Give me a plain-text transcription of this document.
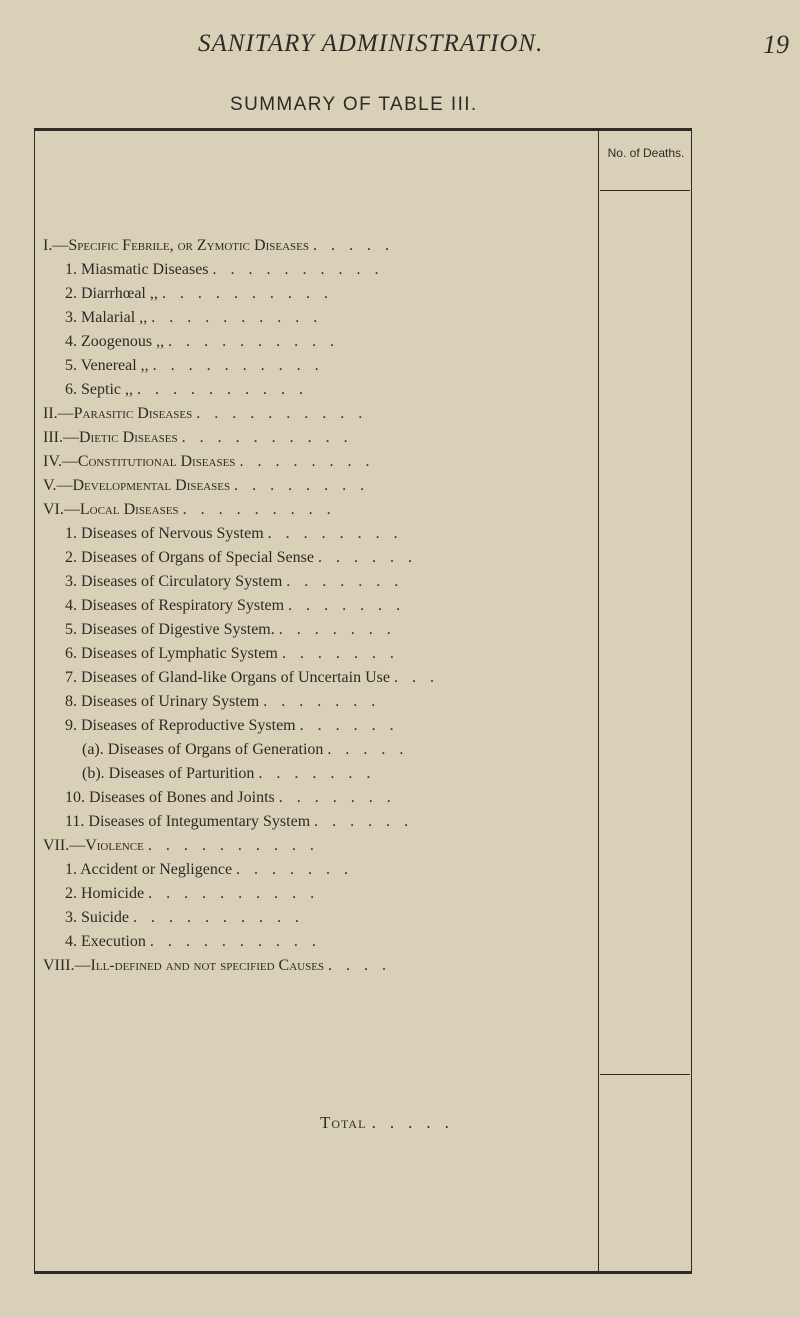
SANITARY ADMINISTRATION.	19
SUMMARY OF TABLE III.
No. of Deaths.
I.—Specific Febrile, or Zymotic Diseases .....
1. Miasmatic Diseases ..........
2. Diarrhœal ,, ..........
3. Malarial ,, ..........
4. Zoogenous ,, ..........
5. Venereal ,, ..........
6. Septic ,, ..........
II.—Parasitic Diseases ..........
III.—Dietic Diseases ..........
IV.—Constitutional Diseases ........
V.—Developmental Diseases ........
VI.—Local Diseases .........
1. Diseases of Nervous System ........
2. Diseases of Organs of Special Sense ......
3. Diseases of Circulatory System .......
4. Diseases of Respiratory System .......
5. Diseases of Digestive System. .......
6. Diseases of Lymphatic System .......
7. Diseases of Gland-like Organs of Uncertain Use ...
8. Diseases of Urinary System .......
9. Diseases of Reproductive System ......
(a). Diseases of Organs of Generation .....
(b). Diseases of Parturition .......
10. Diseases of Bones and Joints .......
11. Diseases of Integumentary System ......
VII.—Violence ..........
1. Accident or Negligence .......
2. Homicide ..........
3. Suicide ..........
4. Execution ..........
VIII.—Ill-defined and not specified Causes ....
Total .....
